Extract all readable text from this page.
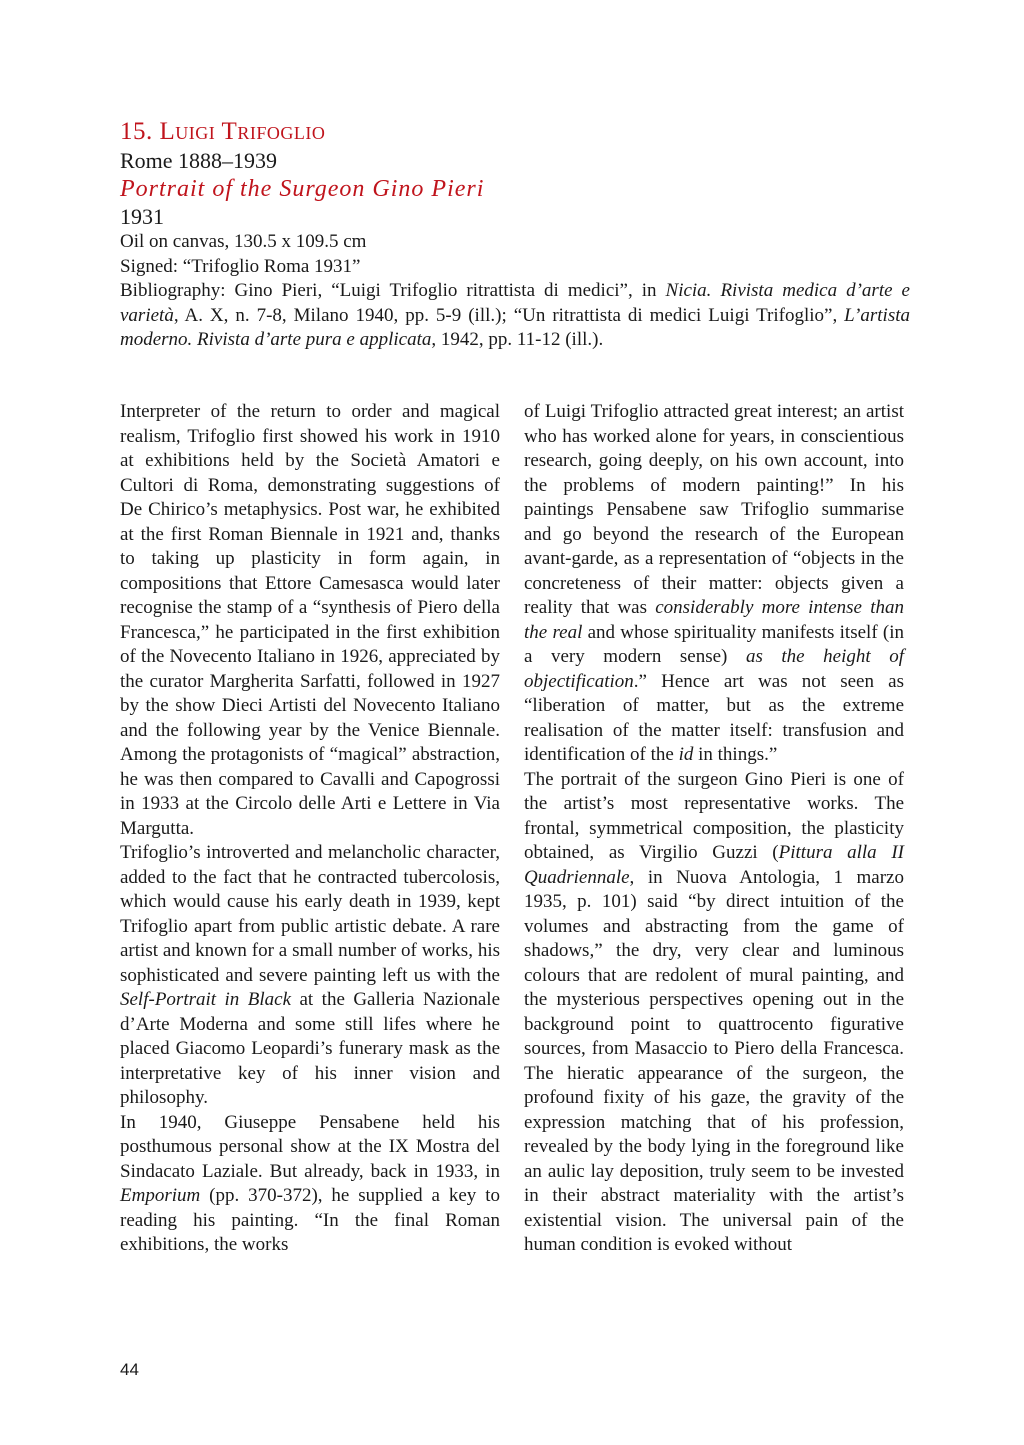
15. Luigi Trifoglio
Rome 1888–1939
Portrait of the Surgeon Gino Pieri
1931
Oil on canvas, 130.5 x 109.5 cm
Signed: “Trifoglio Roma 1931”
Bibliography: Gino Pieri, “Luigi Trifoglio ritrattista di medici”, in Nicia. Rivista medica d’arte e varietà, A. X, n. 7-8, Milano 1940, pp. 5-9 (ill.); “Un ritrattista di medici Luigi Trifoglio”, L’artista moderno. Rivista d’arte pura e applicata, 1942, pp. 11-12 (ill.).

Interpreter of the return to order and magical realism, Trifoglio first showed his work in 1910 at exhibitions held by the Società Amatori e Cultori di Roma, demonstrating suggestions of De Chirico’s metaphysics. Post war, he exhibited at the first Roman Biennale in 1921 and, thanks to taking up plasticity in form again, in compositions that Ettore Camesasca would later recognise the stamp of a “synthesis of Piero della Francesca,” he participated in the first exhibition of the Novecento Italiano in 1926, appreciated by the curator Margherita Sarfatti, followed in 1927 by the show Dieci Artisti del Novecento Italiano and the following year by the Venice Biennale. Among the protagonists of “magical” abstraction, he was then compared to Cavalli and Capogrossi in 1933 at the Circolo delle Arti e Lettere in Via Margutta.

Trifoglio’s introverted and melancholic character, added to the fact that he contracted tubercolosis, which would cause his early death in 1939, kept Trifoglio apart from public artistic debate. A rare artist and known for a small number of works, his sophisticated and severe painting left us with the Self-Portrait in Black at the Galleria Nazionale d’Arte Moderna and some still lifes where he placed Giacomo Leopardi’s funerary mask as the interpretative key of his inner vision and philosophy.

In 1940, Giuseppe Pensabene held his posthumous personal show at the IX Mostra del Sindacato Laziale. But already, back in 1933, in Emporium (pp. 370-372), he supplied a key to reading his painting. “In the final Roman exhibitions, the works

of Luigi Trifoglio attracted great interest; an artist who has worked alone for years, in conscientious research, going deeply, on his own account, into the problems of modern painting!” In his paintings Pensabene saw Trifoglio summarise and go beyond the research of the European avant-garde, as a representation of “objects in the concreteness of their matter: objects given a reality that was considerably more intense than the real and whose spirituality manifests itself (in a very modern sense) as the height of objectification.” Hence art was not seen as “liberation of matter, but as the extreme realisation of the matter itself: transfusion and identification of the id in things.”

The portrait of the surgeon Gino Pieri is one of the artist’s most representative works. The frontal, symmetrical composition, the plasticity obtained, as Virgilio Guzzi (Pittura alla II Quadriennale, in Nuova Antologia, 1 marzo 1935, p. 101) said “by direct intuition of the volumes and abstracting from the game of shadows,” the dry, very clear and luminous colours that are redolent of mural painting, and the mysterious perspectives opening out in the background point to quattrocento figurative sources, from Masaccio to Piero della Francesca. The hieratic appearance of the surgeon, the profound fixity of his gaze, the gravity of the expression matching that of his profession, revealed by the body lying in the foreground like an aulic lay deposition, truly seem to be invested in their abstract materiality with the artist’s existential vision. The universal pain of the human condition is evoked without

44
